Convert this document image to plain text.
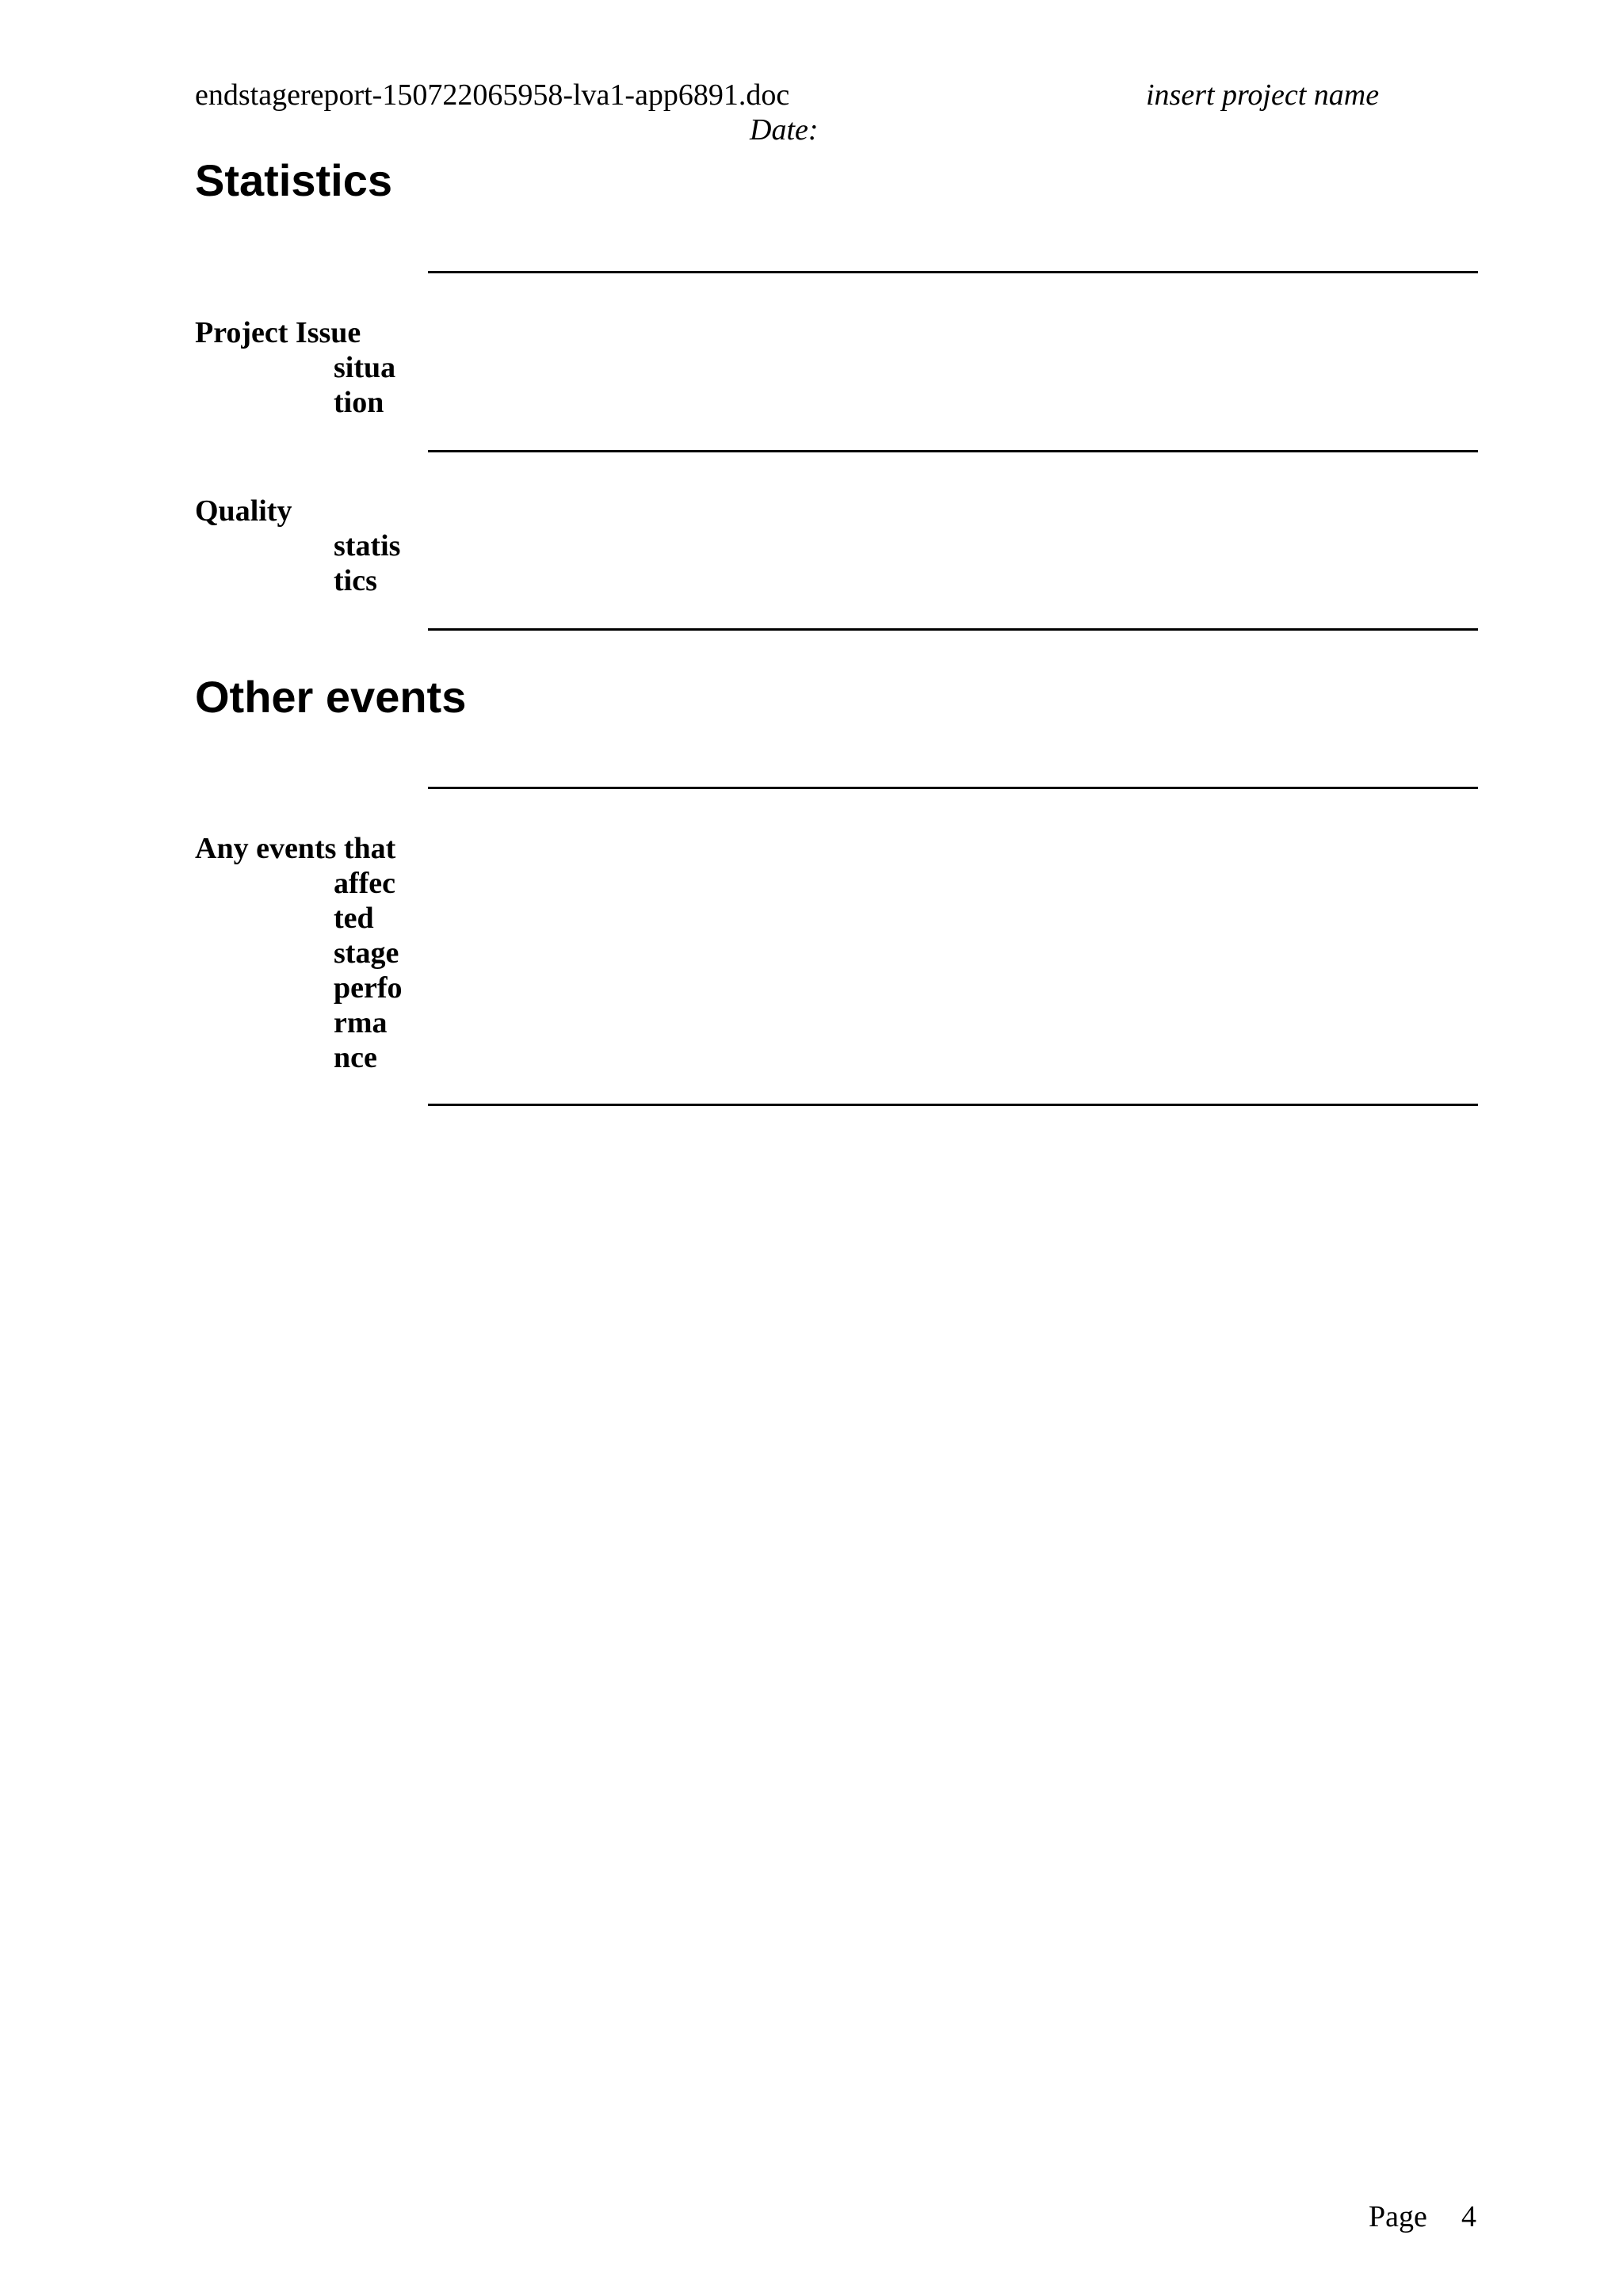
endstagereport-150722065958-lva1-app6891.doc	insert project name
Date:
Statistics
Project Issue
situa
tion
Quality
statis
tics
Other events
Any events that
affec
ted
stage
perfo
rma
nce
Page 4
